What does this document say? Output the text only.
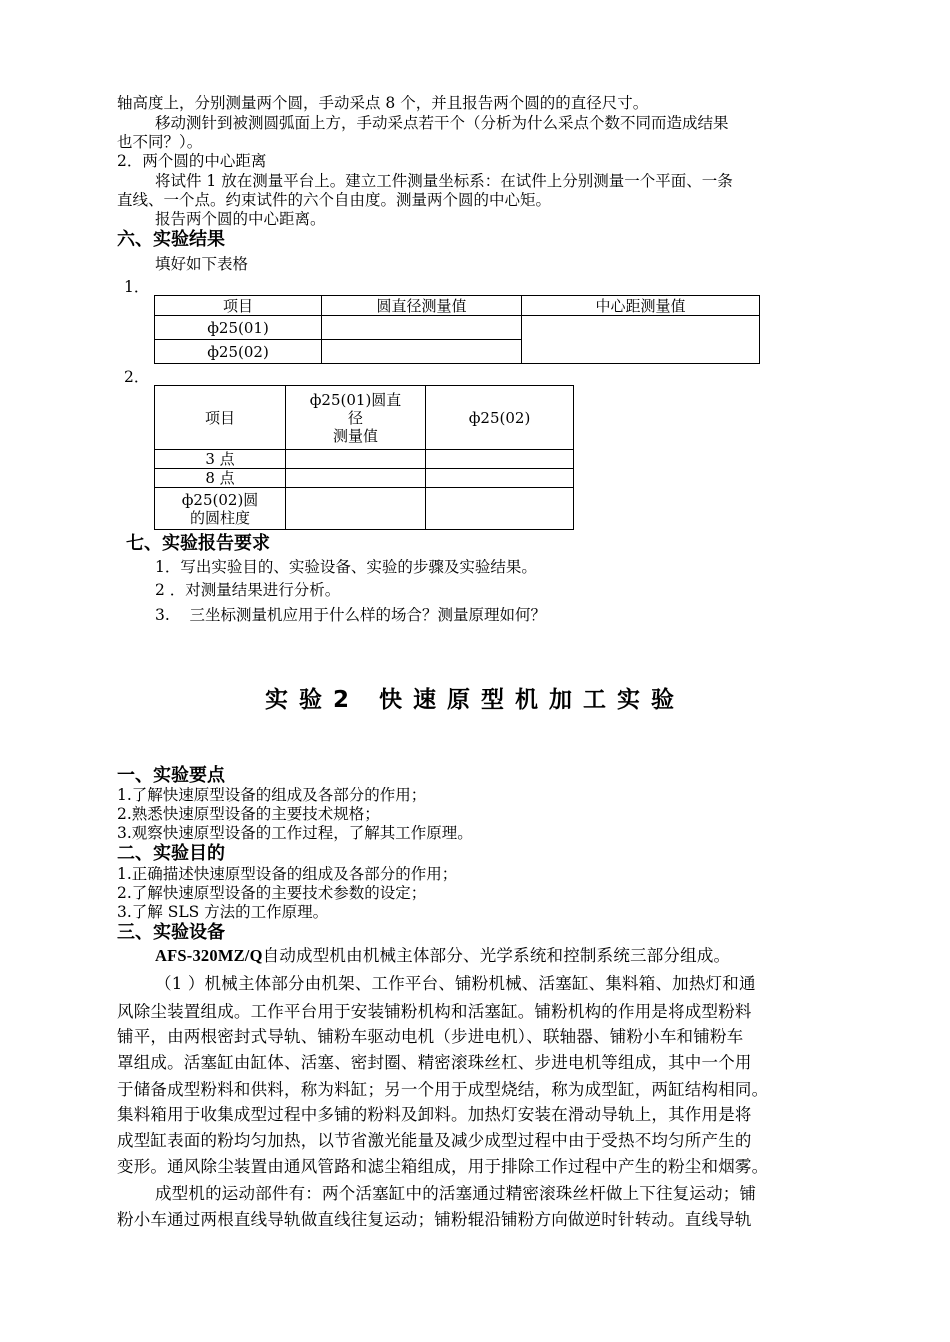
轴高度上，分别测量两个圆，手动采点 8 个，并且报告两个圆的的直径尺寸。
移动测针到被测圆弧面上方，手动采点若干个（分析为什么采点个数不同而造成结果
也不同？）。
2．两个圆的中心距离
将试件 1 放在测量平台上。建立工件测量坐标系：在试件上分别测量一个平面、一条
直线、一个点。约束试件的六个自由度。测量两个圆的中心矩。
报告两个圆的中心距离。
六、实验结果
填好如下表格
1．
项目	圆直径测量值	中心距测量值
ф25(01)		
ф25(02)		
2．
项目	ф25(01)圆直
径
测量值	ф25(02)
3 点		
8 点		

ф25(02)圆
的圆柱度		

七、实验报告要求
1．写出实验目的、实验设备、实验的步骤及实验结果。
2 ．对测量结果进行分析。
3.    三坐标测量机应用于什么样的场合？测量原理如何？
实验2 快速原型机加工实验
一、实验要点
1.了解快速原型设备的组成及各部分的作用；
2.熟悉快速原型设备的主要技术规格；
3.观察快速原型设备的工作过程，了解其工作原理。
二、实验目的
1.正确描述快速原型设备的组成及各部分的作用；
2.了解快速原型设备的主要技术参数的设定；
3.了解 SLS 方法的工作原理。
三、实验设备
AFS-320MZ/Q自动成型机由机械主体部分、光学系统和控制系统三部分组成。
（1 ）机械主体部分由机架、工作平台、铺粉机械、活塞缸、集料箱、加热灯和通
风除尘装置组成。工作平台用于安装铺粉机构和活塞缸。铺粉机构的作用是将成型粉料
铺平，由两根密封式导轨、铺粉车驱动电机（步进电机）、联轴器、铺粉小车和铺粉车
罩组成。活塞缸由缸体、活塞、密封圈、精密滚珠丝杠、步进电机等组成，其中一个用
于储备成型粉料和供料，称为料缸；另一个用于成型烧结，称为成型缸，两缸结构相同。
集料箱用于收集成型过程中多铺的粉料及卸料。加热灯安装在滑动导轨上，其作用是将
成型缸表面的粉均匀加热，以节省激光能量及减少成型过程中由于受热不均匀所产生的
变形。通风除尘装置由通风管路和滤尘箱组成，用于排除工作过程中产生的粉尘和烟雾。
成型机的运动部件有：两个活塞缸中的活塞通过精密滚珠丝杆做上下往复运动；铺
粉小车通过两根直线导轨做直线往复运动；铺粉辊沿铺粉方向做逆时针转动。直线导轨
